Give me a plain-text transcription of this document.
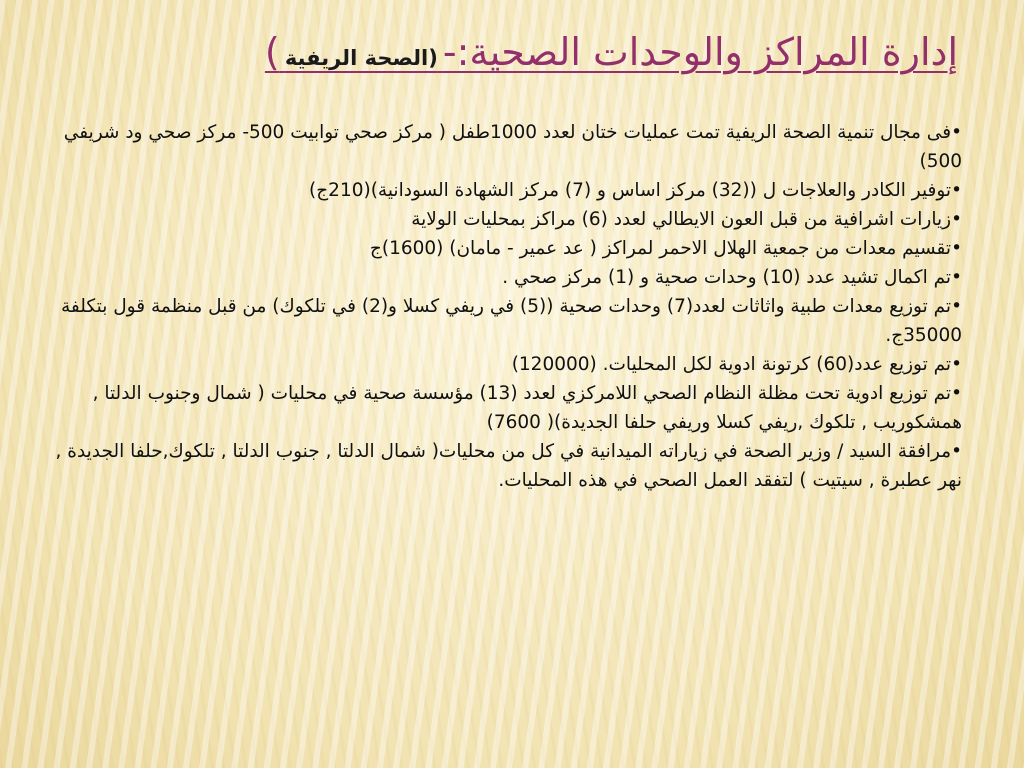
إدارة المراكز والوحدات الصحية:- (الصحة الريفية )

•فى مجال تنمية الصحة الريفية تمت عمليات ختان لعدد 1000طفل ( مركز صحي توابيت 500- مركز صحي ود شريفي 500)

•توفير الكادر والعلاجات ل ((32) مركز اساس و (7) مركز الشهادة السودانية)(210ج)

•زيارات اشرافية من قبل العون الايطالي لعدد (6) مراكز بمحليات الولاية

•تقسيم معدات من جمعية الهلال الاحمر لمراكز ( عد عمير - مامان) (1600)ج

•تم اكمال تشيد عدد (10) وحدات صحية و (1) مركز صحي .

•تم توزيع معدات طبية واثاثات لعدد(7) وحدات صحية ((5) في ريفي كسلا و(2) في تلكوك) من قبل منظمة قول بتكلفة 35000ج.

•تم توزيع عدد(60) كرتونة ادوية لكل المحليات. (120000)

•تم توزيع ادوية تحت مظلة النظام الصحي اللامركزي لعدد (13) مؤسسة صحية في محليات ( شمال وجنوب الدلتا , همشكوريب , تلكوك ,ريفي كسلا وريفي حلفا الجديدة)( 7600)

•مرافقة السيد / وزير الصحة في زياراته الميدانية في كل من محليات( شمال الدلتا , جنوب الدلتا , تلكوك,حلفا الجديدة , نهر عطبرة , سيتيت ) لتفقد العمل الصحي في هذه المحليات.
